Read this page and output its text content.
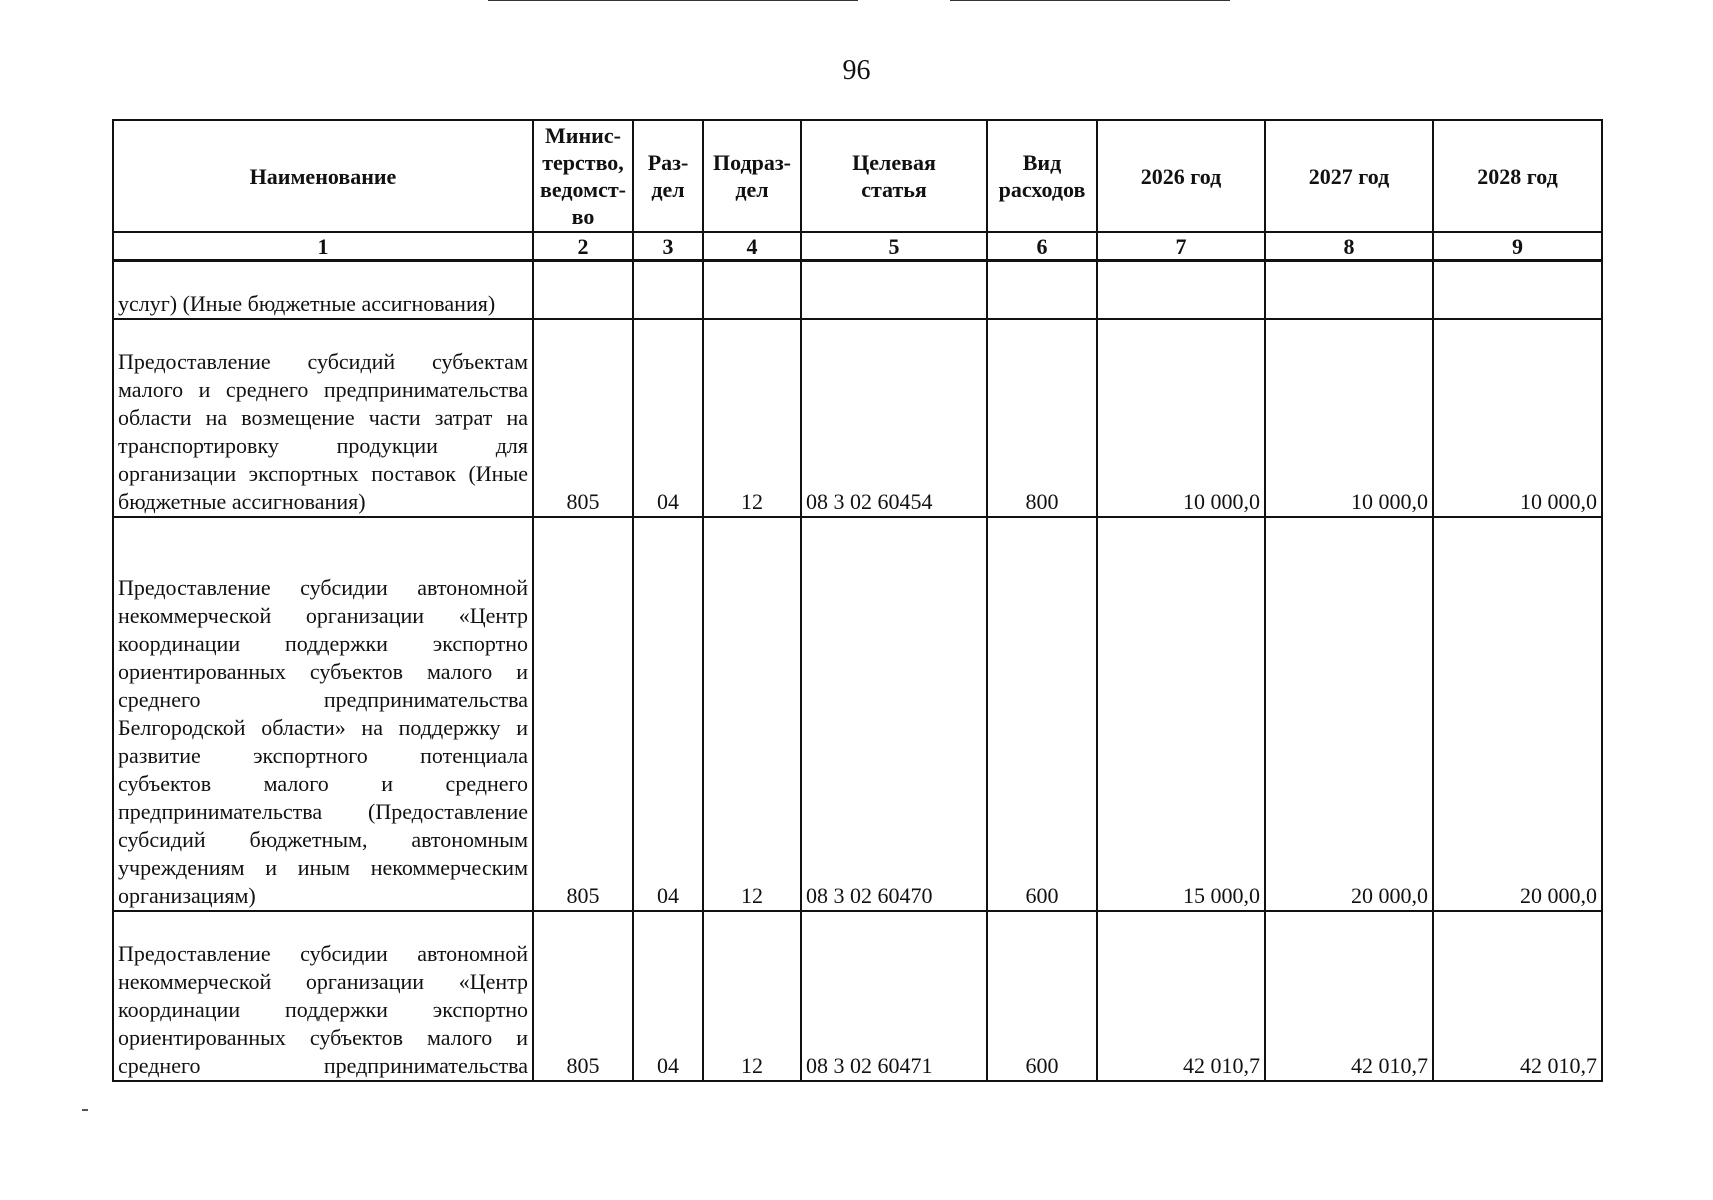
96
Наименование	Минис-терство, ведомст-во	Раз-дел	Подраз-дел	Целевая статья	Вид расходов	2026 год	2027 год	2028 год
1	2	3	4	5	6	7	8	9
услуг) (Иные бюджетные ассигнования)								
Предоставление субсидий субъектам малого и среднего предпринимательства области на возмещение части затрат на транспортировку продукции для организации экспортных поставок (Иные бюджетные ассигнования)	805	04	12	08 3 02 60454	800	10 000,0	10 000,0	10 000,0
Предоставление субсидии автономной некоммерческой организации «Центр координации поддержки экспортно ориентированных субъектов малого и среднего предпринимательства Белгородской области» на поддержку и развитие экспортного потенциала субъектов малого и среднего предпринимательства (Предоставление субсидий бюджетным, автономным учреждениям и иным некоммерческим организациям)	805	04	12	08 3 02 60470	600	15 000,0	20 000,0	20 000,0
Предоставление субсидии автономной некоммерческой организации «Центр координации поддержки экспортно ориентированных субъектов малого и среднего предпринимательства	805	04	12	08 3 02 60471	600	42 010,7	42 010,7	42 010,7
